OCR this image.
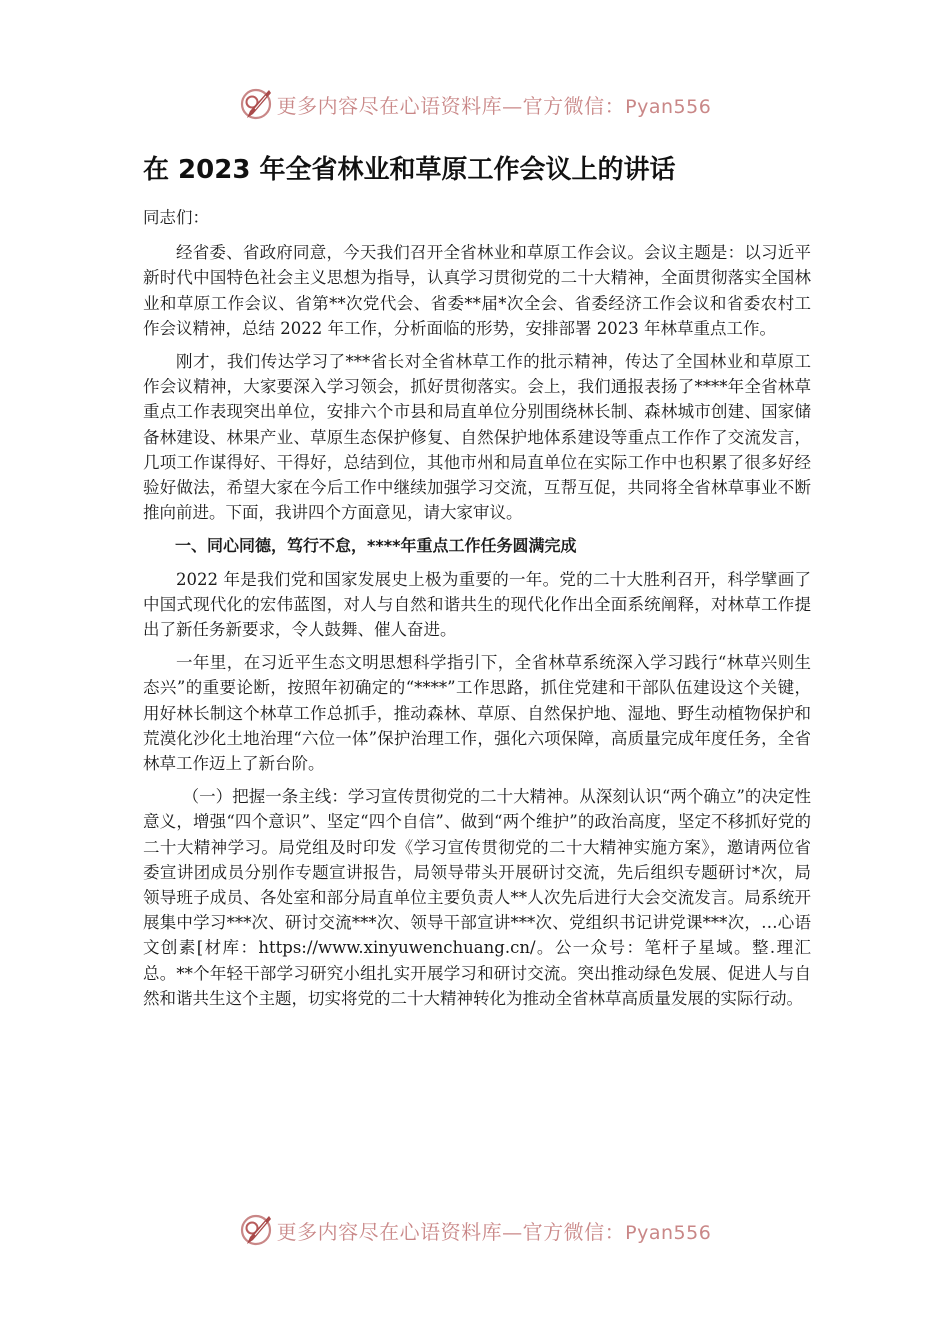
更多内容尽在心语资料库—官方微信：Pyan556
在 2023 年全省林业和草原工作会议上的讲话

同志们：

经省委、省政府同意，今天我们召开全省林业和草原工作会议。会议主题是：以习近平新时代中国特色社会主义思想为指导，认真学习贯彻党的二十大精神，全面贯彻落实全国林业和草原工作会议、省第**次党代会、省委**届*次全会、省委经济工作会议和省委农村工作会议精神，总结 2022 年工作，分析面临的形势，安排部署 2023 年林草重点工作。

刚才，我们传达学习了***省长对全省林草工作的批示精神，传达了全国林业和草原工作会议精神，大家要深入学习领会，抓好贯彻落实。会上，我们通报表扬了****年全省林草重点工作表现突出单位，安排六个市县和局直单位分别围绕林长制、森林城市创建、国家储备林建设、林果产业、草原生态保护修复、自然保护地体系建设等重点工作作了交流发言，几项工作谋得好、干得好，总结到位，其他市州和局直单位在实际工作中也积累了很多好经验好做法，希望大家在今后工作中继续加强学习交流，互帮互促，共同将全省林草事业不断推向前进。下面，我讲四个方面意见，请大家审议。

一、同心同德，笃行不怠，****年重点工作任务圆满完成

2022 年是我们党和国家发展史上极为重要的一年。党的二十大胜利召开，科学擘画了中国式现代化的宏伟蓝图，对人与自然和谐共生的现代化作出全面系统阐释，对林草工作提出了新任务新要求，令人鼓舞、催人奋进。

一年里，在习近平生态文明思想科学指引下，全省林草系统深入学习践行“林草兴则生态兴”的重要论断，按照年初确定的“****”工作思路，抓住党建和干部队伍建设这个关键，用好林长制这个林草工作总抓手，推动森林、草原、自然保护地、湿地、野生动植物保护和荒漠化沙化土地治理“六位一体”保护治理工作，强化六项保障，高质量完成年度任务，全省林草工作迈上了新台阶。

（一）把握一条主线：学习宣传贯彻党的二十大精神。从深刻认识“两个确立”的决定性意义，增强“四个意识”、坚定“四个自信”、做到“两个维护”的政治高度，坚定不移抓好党的二十大精神学习。局党组及时印发《学习宣传贯彻党的二十大精神实施方案》，邀请两位省委宣讲团成员分别作专题宣讲报告，局领导带头开展研讨交流，先后组织专题研讨*次，局领导班子成员、各处室和部分局直单位主要负责人**人次先后进行大会交流发言。局系统开展集中学习***次、研讨交流***次、领导干部宣讲***次、党组织书记讲党课***次，…心语文创素[材库：https://www.xinyuwenchuang.cn/。公一众号：笔杆子星域。整.理汇总。**个年轻干部学习研究小组扎实开展学习和研讨交流。突出推动绿色发展、促进人与自然和谐共生这个主题，切实将党的二十大精神转化为推动全省林草高质量发展的实际行动。

更多内容尽在心语资料库—官方微信：Pyan556
